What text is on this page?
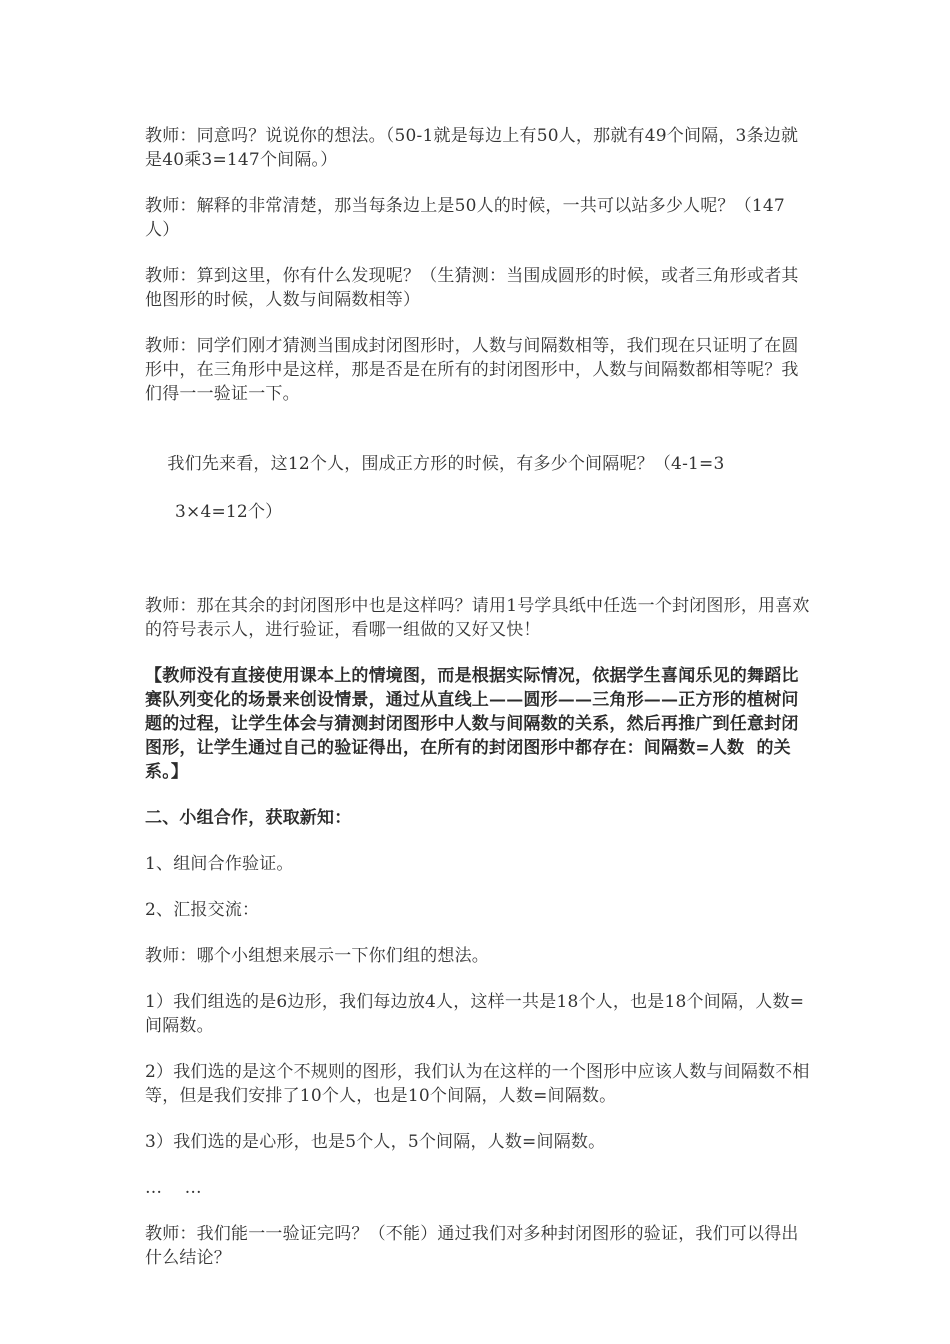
教师：同意吗？说说你的想法。（50-1就是每边上有50人，那就有49个间隔，3条边就是40乘3=147个间隔。）

教师：解释的非常清楚，那当每条边上是50人的时候，一共可以站多少人呢？（147人）

教师：算到这里，你有什么发现呢？（生猜测：当围成圆形的时候，或者三角形或者其他图形的时候，人数与间隔数相等）

教师：同学们刚才猜测当围成封闭图形时，人数与间隔数相等，我们现在只证明了在圆形中，在三角形中是这样，那是否是在所有的封闭图形中，人数与间隔数都相等呢？我们得一一验证一下。

我们先来看，这12个人，围成正方形的时候，有多少个间隔呢？（4-1=3

3×4=12个）

教师：那在其余的封闭图形中也是这样吗？请用1号学具纸中任选一个封闭图形，用喜欢的符号表示人，进行验证，看哪一组做的又好又快！

【教师没有直接使用课本上的情境图，而是根据实际情况，依据学生喜闻乐见的舞蹈比赛队列变化的场景来创设情景，通过从直线上——圆形——三角形——正方形的植树问题的过程，让学生体会与猜测封闭图形中人数与间隔数的关系，然后再推广到任意封闭图形，让学生通过自己的验证得出，在所有的封闭图形中都存在：间隔数=人数  的关系。】

二、小组合作，获取新知：

1、组间合作验证。

2、汇报交流：

教师：哪个小组想来展示一下你们组的想法。

1）我们组选的是6边形，我们每边放4人，这样一共是18个人，也是18个间隔，人数=间隔数。

2）我们选的是这个不规则的图形，我们认为在这样的一个图形中应该人数与间隔数不相等，但是我们安排了10个人，也是10个间隔，人数=间隔数。

3）我们选的是心形，也是5个人，5个间隔，人数=间隔数。

…    …

教师：我们能一一验证完吗？（不能）通过我们对多种封闭图形的验证，我们可以得出什么结论？
